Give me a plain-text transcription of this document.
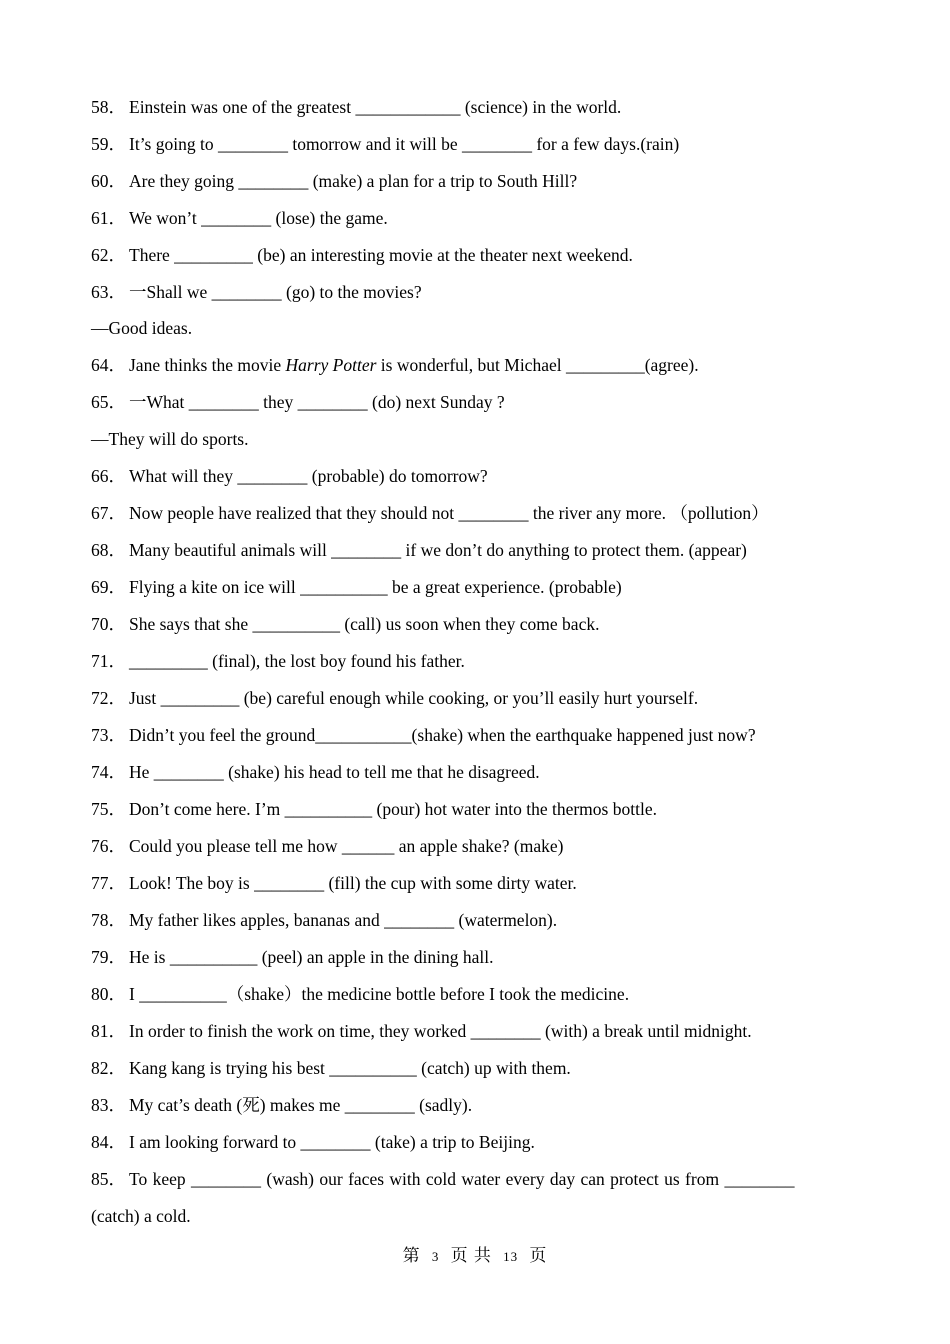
58． Einstein was one of the greatest ____________ (science) in the world.
59． It’s going to ________ tomorrow and it will be ________ for a few days.(rain)
60． Are they going ________ (make) a plan for a trip to South Hill?
61． We won’t ________ (lose) the game.
62． There _________ (be) an interesting movie at the theater next weekend.
63． 一Shall we ________ (go) to the movies?
—Good ideas.
64． Jane thinks the movie Harry Potter is wonderful, but Michael _________(agree).
65． 一What ________ they ________ (do) next Sunday ?
—They will do sports.
66． What will they ________ (probable) do tomorrow?
67． Now people have realized that they should not ________ the river any more. （pollution）
68． Many beautiful animals will ________ if we don’t do anything to protect them. (appear)
69． Flying a kite on ice will __________ be a great experience. (probable)
70． She says that she __________ (call) us soon when they come back.
71． _________ (final), the lost boy found his father.
72． Just _________ (be) careful enough while cooking, or you’ll easily hurt yourself.
73． Didn’t you feel the ground___________(shake) when the earthquake happened just now?
74． He ________ (shake) his head to tell me that he disagreed.
75． Don’t come here. I’m __________ (pour) hot water into the thermos bottle.
76． Could you please tell me how ______ an apple shake? (make)
77． Look! The boy is ________ (fill) the cup with some dirty water.
78． My father likes apples, bananas and ________ (watermelon).
79． He is __________ (peel) an apple in the dining hall.
80． I __________（shake）the medicine bottle before I took the medicine.
81． In order to finish the work on time, they worked ________ (with) a break until midnight.
82． Kang kang is trying his best __________ (catch) up with them.
83． My cat’s death (死) makes me ________ (sadly).
84． I am looking forward to ________ (take) a trip to Beijing.
85． To keep ________ (wash) our faces with cold water every day can protect us from ________
(catch) a cold.
第 3 页 共 13 页
